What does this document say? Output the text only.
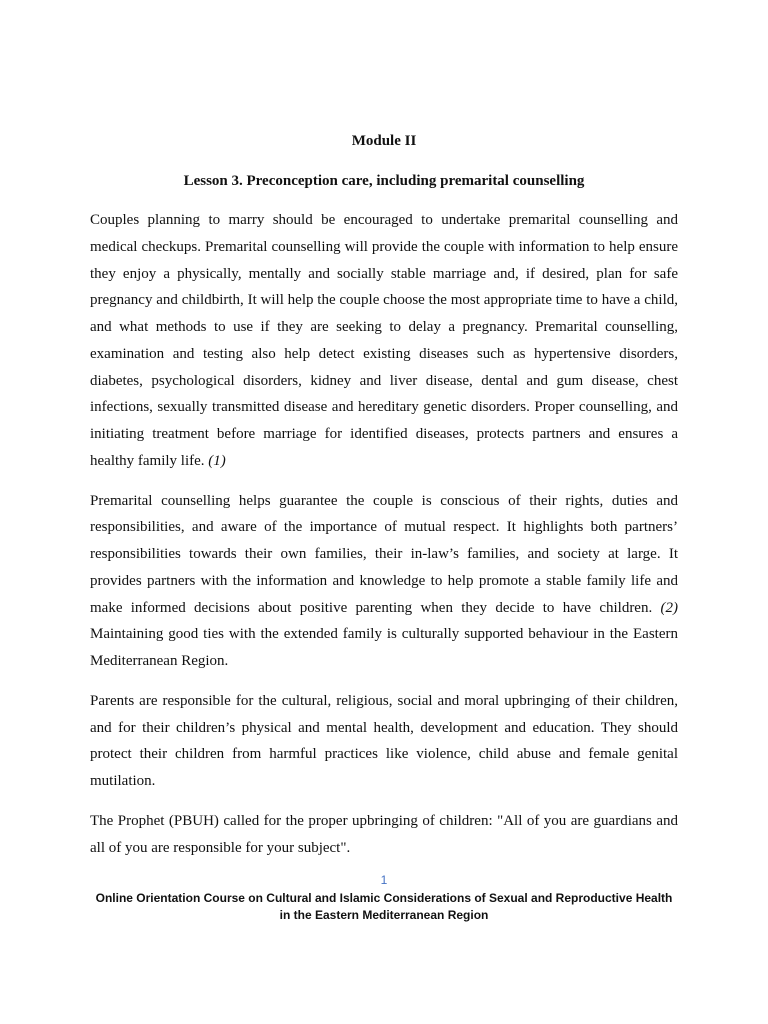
Module II
Lesson 3. Preconception care, including premarital counselling

Couples planning to marry should be encouraged to undertake premarital counselling and medical checkups. Premarital counselling will provide the couple with information to help ensure they enjoy a physically, mentally and socially stable marriage and, if desired, plan for safe pregnancy and childbirth, It will help the couple choose the most appropriate time to have a child, and what methods to use if they are seeking to delay a pregnancy. Premarital counselling, examination and testing also help detect existing diseases such as hypertensive disorders, diabetes, psychological disorders, kidney and liver disease, dental and gum disease, chest infections, sexually transmitted disease and hereditary genetic disorders. Proper counselling, and initiating treatment before marriage for identified diseases, protects partners and ensures a healthy family life. (1)

Premarital counselling helps guarantee the couple is conscious of their rights, duties and responsibilities, and aware of the importance of mutual respect. It highlights both partners’ responsibilities towards their own families, their in-law’s families, and society at large. It provides partners with the information and knowledge to help promote a stable family life and make informed decisions about positive parenting when they decide to have children. (2) Maintaining good ties with the extended family is culturally supported behaviour in the Eastern Mediterranean Region.

Parents are responsible for the cultural, religious, social and moral upbringing of their children, and for their children’s physical and mental health, development and education. They should protect their children from harmful practices like violence, child abuse and female genital mutilation.

The Prophet (PBUH) called for the proper upbringing of children: "All of you are guardians and all of you are responsible for your subject".

1
Online Orientation Course on Cultural and Islamic Considerations of Sexual and Reproductive Health
in the Eastern Mediterranean Region
